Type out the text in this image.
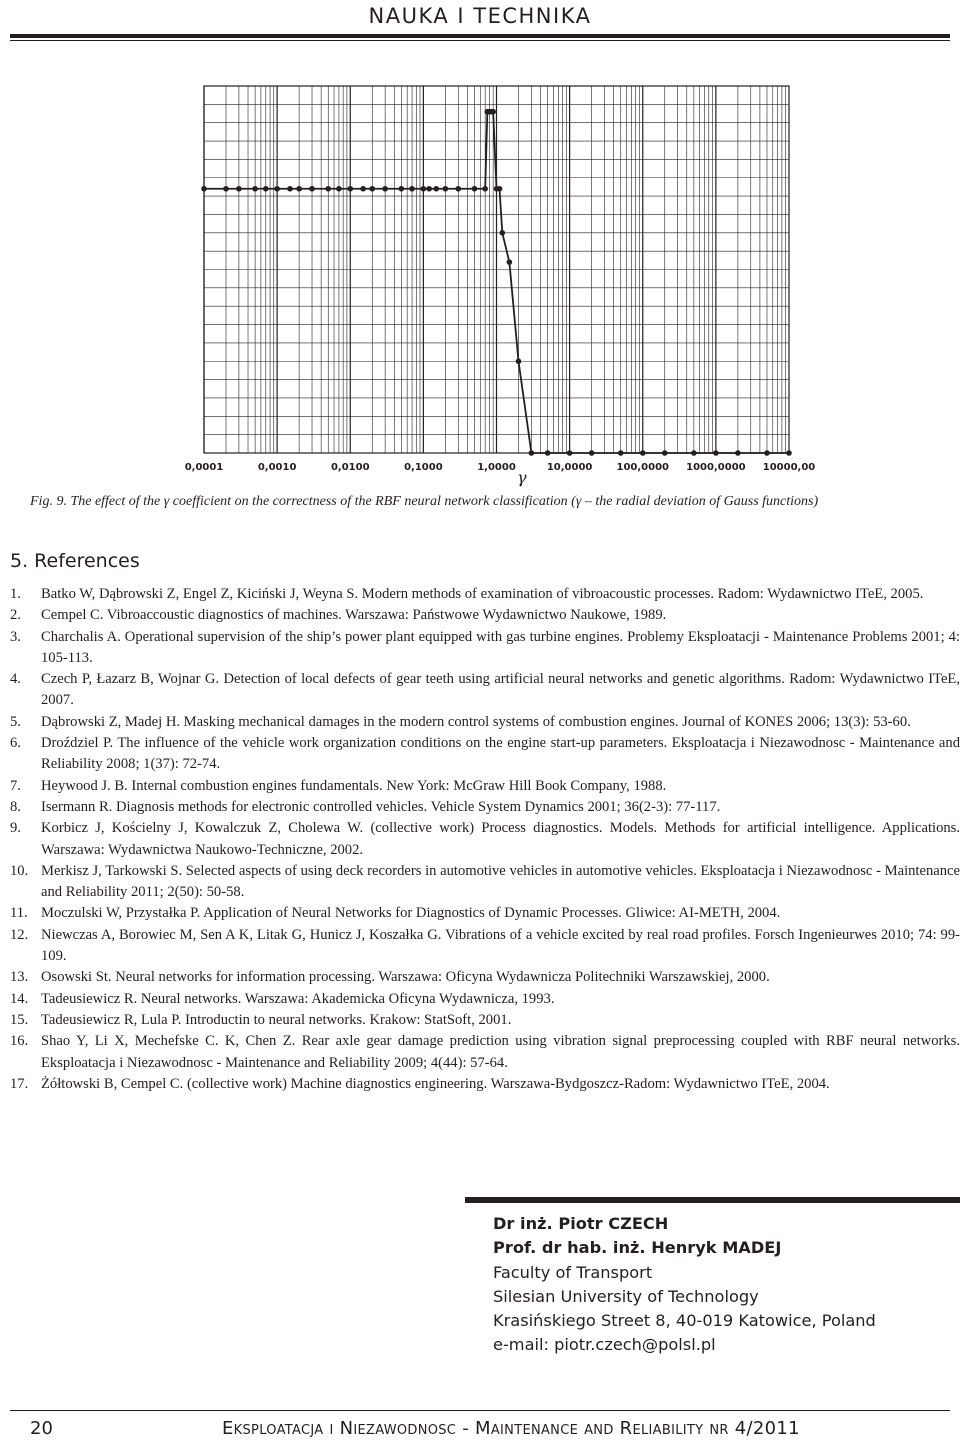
NAUKA I TECHNIKA
0,0001	0,0010	0,0100	0,1000	1,0000	10,0000 100,0000 1000,0000 10000,00
γ
Fig. 9. The effect of the γ coefficient on the correctness of the RBF neural network classification (γ – the radial deviation of Gauss functions)
5. References
1. Batko W, Dąbrowski Z, Engel Z, Kiciński J, Weyna S. Modern methods of examination of vibroacoustic processes. Radom: Wydawnictwo ITeE, 2005.
2. Cempel C. Vibroaccoustic diagnostics of machines. Warszawa: Państwowe Wydawnictwo Naukowe, 1989.
3. Charchalis A. Operational supervision of the ship’s power plant equipped with gas turbine engines. Problemy Eksploatacji - Maintenance Problems 2001; 4: 105-113.
4. Czech P, Łazarz B, Wojnar G. Detection of local defects of gear teeth using artificial neural networks and genetic algorithms. Radom: Wydawnictwo ITeE, 2007.
5. Dąbrowski Z, Madej H. Masking mechanical damages in the modern control systems of combustion engines. Journal of KONES 2006; 13(3): 53-60.
6. Droździel P. The influence of the vehicle work organization conditions on the engine start-up parameters. Eksploatacja i Niezawodnosc - Maintenance and Reliability 2008; 1(37): 72-74.
7. Heywood J. B. Internal combustion engines fundamentals. New York: McGraw Hill Book Company, 1988.
8. Isermann R. Diagnosis methods for electronic controlled vehicles. Vehicle System Dynamics 2001; 36(2-3): 77-117.
9. Korbicz J, Kościelny J, Kowalczuk Z, Cholewa W. (collective work) Process diagnostics. Models. Methods for artificial intelligence. Applications. Warszawa: Wydawnictwa Naukowo-Techniczne, 2002.
10. Merkisz J, Tarkowski S. Selected aspects of using deck recorders in automotive vehicles in automotive vehicles. Eksploatacja i Niezawodnosc - Maintenance and Reliability 2011; 2(50): 50-58.
11. Moczulski W, Przystałka P. Application of Neural Networks for Diagnostics of Dynamic Processes. Gliwice: AI-METH, 2004.
12. Niewczas A, Borowiec M, Sen A K, Litak G, Hunicz J, Koszałka G. Vibrations of a vehicle excited by real road profiles. Forsch Ingenieurwes 2010; 74: 99-109.
13. Osowski St. Neural networks for information processing. Warszawa: Oficyna Wydawnicza Politechniki Warszawskiej, 2000.
14. Tadeusiewicz R. Neural networks. Warszawa: Akademicka Oficyna Wydawnicza, 1993.
15. Tadeusiewicz R, Lula P. Introductin to neural networks. Krakow: StatSoft, 2001.
16. Shao Y, Li X, Mechefske C. K, Chen Z. Rear axle gear damage prediction using vibration signal preprocessing coupled with RBF neural networks. Eksploatacja i Niezawodnosc - Maintenance and Reliability 2009; 4(44): 57-64.
17. Żółtowski B, Cempel C. (collective work) Machine diagnostics engineering. Warszawa-Bydgoszcz-Radom: Wydawnictwo ITeE, 2004.
Dr inż. Piotr CZECH
Prof. dr hab. inż. Henryk MADEJ
Faculty of Transport
Silesian University of Technology
Krasińskiego Street 8, 40-019 Katowice, Poland
e-mail: piotr.czech@polsl.pl
20	Eksploatacja i Niezawodnosc - Maintenance and Reliability nr 4/2011
